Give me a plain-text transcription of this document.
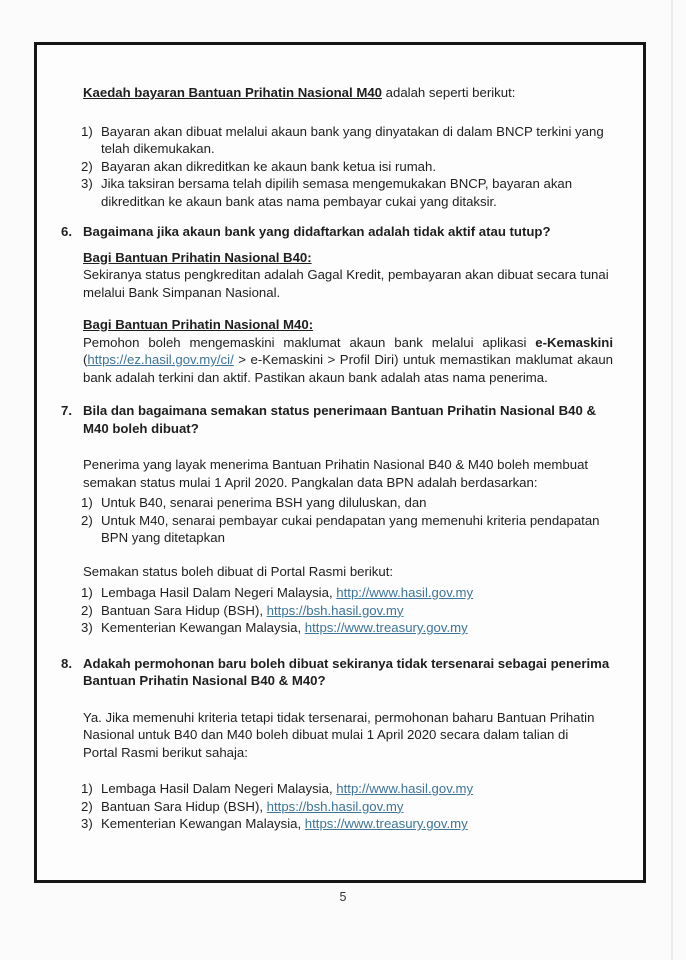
Kaedah bayaran Bantuan Prihatin Nasional M40 adalah seperti berikut:
1) Bayaran akan dibuat melalui akaun bank yang dinyatakan di dalam BNCP terkini yang telah dikemukakan.
2) Bayaran akan dikreditkan ke akaun bank ketua isi rumah.
3) Jika taksiran bersama telah dipilih semasa mengemukakan BNCP, bayaran akan dikreditkan ke akaun bank atas nama pembayar cukai yang ditaksir.
6. Bagaimana jika akaun bank yang didaftarkan adalah tidak aktif atau tutup?
Bagi Bantuan Prihatin Nasional B40:

Sekiranya status pengkreditan adalah Gagal Kredit, pembayaran akan dibuat secara tunai melalui Bank Simpanan Nasional.

Bagi Bantuan Prihatin Nasional M40:

Pemohon boleh mengemaskini maklumat akaun bank melalui aplikasi e-Kemaskini (https://ez.hasil.gov.my/ci/ > e-Kemaskini > Profil Diri) untuk memastikan maklumat akaun bank adalah terkini dan aktif. Pastikan akaun bank adalah atas nama penerima.

7. Bila dan bagaimana semakan status penerimaan Bantuan Prihatin Nasional B40 & M40 boleh dibuat?

Penerima yang layak menerima Bantuan Prihatin Nasional B40 & M40 boleh membuat semakan status mulai 1 April 2020. Pangkalan data BPN adalah berdasarkan:

1) Untuk B40, senarai penerima BSH yang diluluskan, dan
2) Untuk M40, senarai pembayar cukai pendapatan yang memenuhi kriteria pendapatan BPN yang ditetapkan

Semakan status boleh dibuat di Portal Rasmi berikut:

1) Lembaga Hasil Dalam Negeri Malaysia, http://www.hasil.gov.my
2) Bantuan Sara Hidup (BSH), https://bsh.hasil.gov.my
3) Kementerian Kewangan Malaysia, https://www.treasury.gov.my
8. Adakah permohonan baru boleh dibuat sekiranya tidak tersenarai sebagai penerima Bantuan Prihatin Nasional B40 & M40?

Ya. Jika memenuhi kriteria tetapi tidak tersenarai, permohonan baharu Bantuan Prihatin Nasional untuk B40 dan M40 boleh dibuat mulai 1 April 2020 secara dalam talian di Portal Rasmi berikut sahaja:

1) Lembaga Hasil Dalam Negeri Malaysia, http://www.hasil.gov.my
2) Bantuan Sara Hidup (BSH), https://bsh.hasil.gov.my
3) Kementerian Kewangan Malaysia, https://www.treasury.gov.my
5
